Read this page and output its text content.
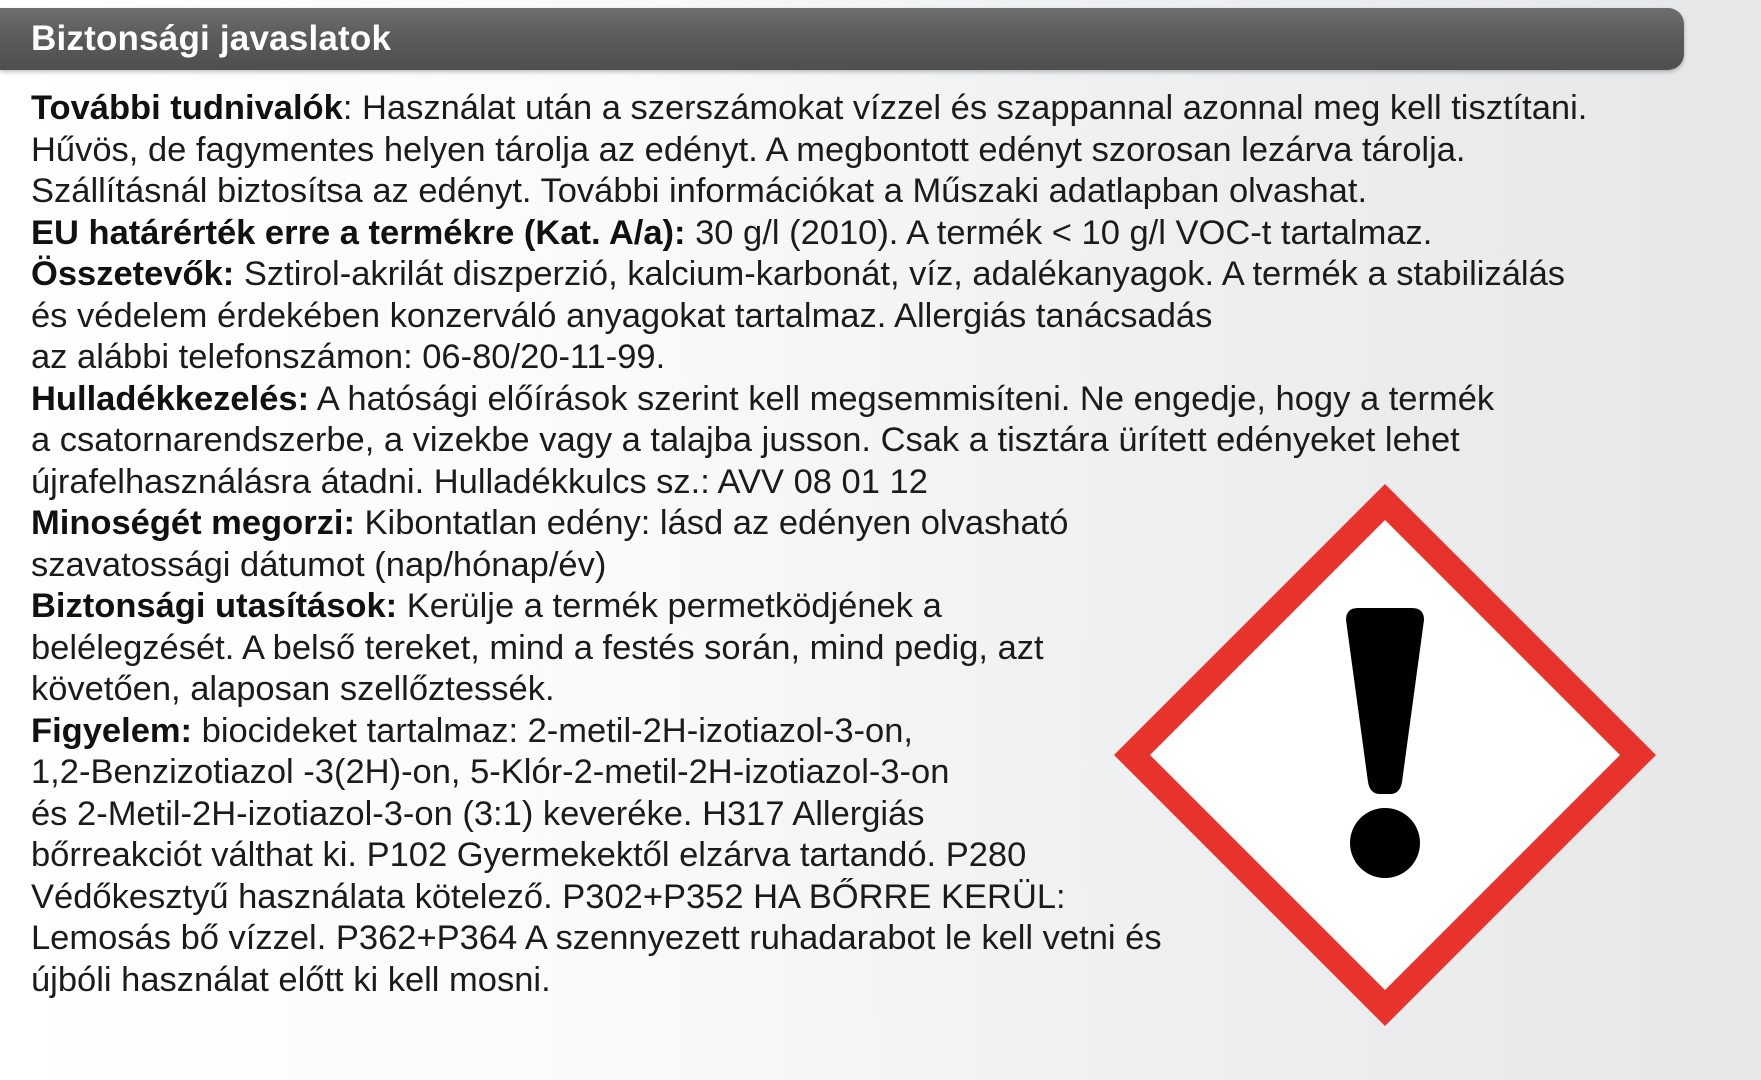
Biztonsági javaslatok
További tudnivalók: Használat után a szerszámokat vízzel és szappannal azonnal meg kell tisztítani.
Hűvös, de fagymentes helyen tárolja az edényt. A megbontott edényt szorosan lezárva tárolja.
Szállításnál biztosítsa az edényt. További információkat a Műszaki adatlapban olvashat.
EU határérték erre a termékre (Kat. A/a): 30 g/l (2010). A termék < 10 g/l VOC-t tartalmaz.
Összetevők: Sztirol-akrilát diszperzió, kalcium-karbonát, víz, adalékanyagok. A termék a stabilizálás
és védelem érdekében konzerváló anyagokat tartalmaz. Allergiás tanácsadás
az alábbi telefonszámon: 06-80/20-11-99.
Hulladékkezelés: A hatósági előírások szerint kell megsemmisíteni. Ne engedje, hogy a termék
a csatornarendszerbe, a vizekbe vagy a talajba jusson. Csak a tisztára ürített edényeket lehet
újrafelhasználásra átadni. Hulladékkulcs sz.: AVV 08 01 12
Minoségét megorzi: Kibontatlan edény: lásd az edényen olvasható
szavatossági dátumot (nap/hónap/év)
Biztonsági utasítások: Kerülje a termék permetködjének a
belélegzését. A belső tereket, mind a festés során, mind pedig, azt
követően, alaposan szellőztessék.
Figyelem: biocideket tartalmaz: 2-metil-2H-izotiazol-3-on,
1,2-Benzizotiazol -3(2H)-on, 5-Klór-2-metil-2H-izotiazol-3-on
és 2-Metil-2H-izotiazol-3-on (3:1) keveréke. H317 Allergiás
bőrreakciót válthat ki. P102 Gyermekektől elzárva tartandó. P280
Védőkesztyű használata kötelező. P302+P352 HA BŐRRE KERÜL:
Lemosás bő vízzel. P362+P364 A szennyezett ruhadarabot le kell vetni és
újbóli használat előtt ki kell mosni.
